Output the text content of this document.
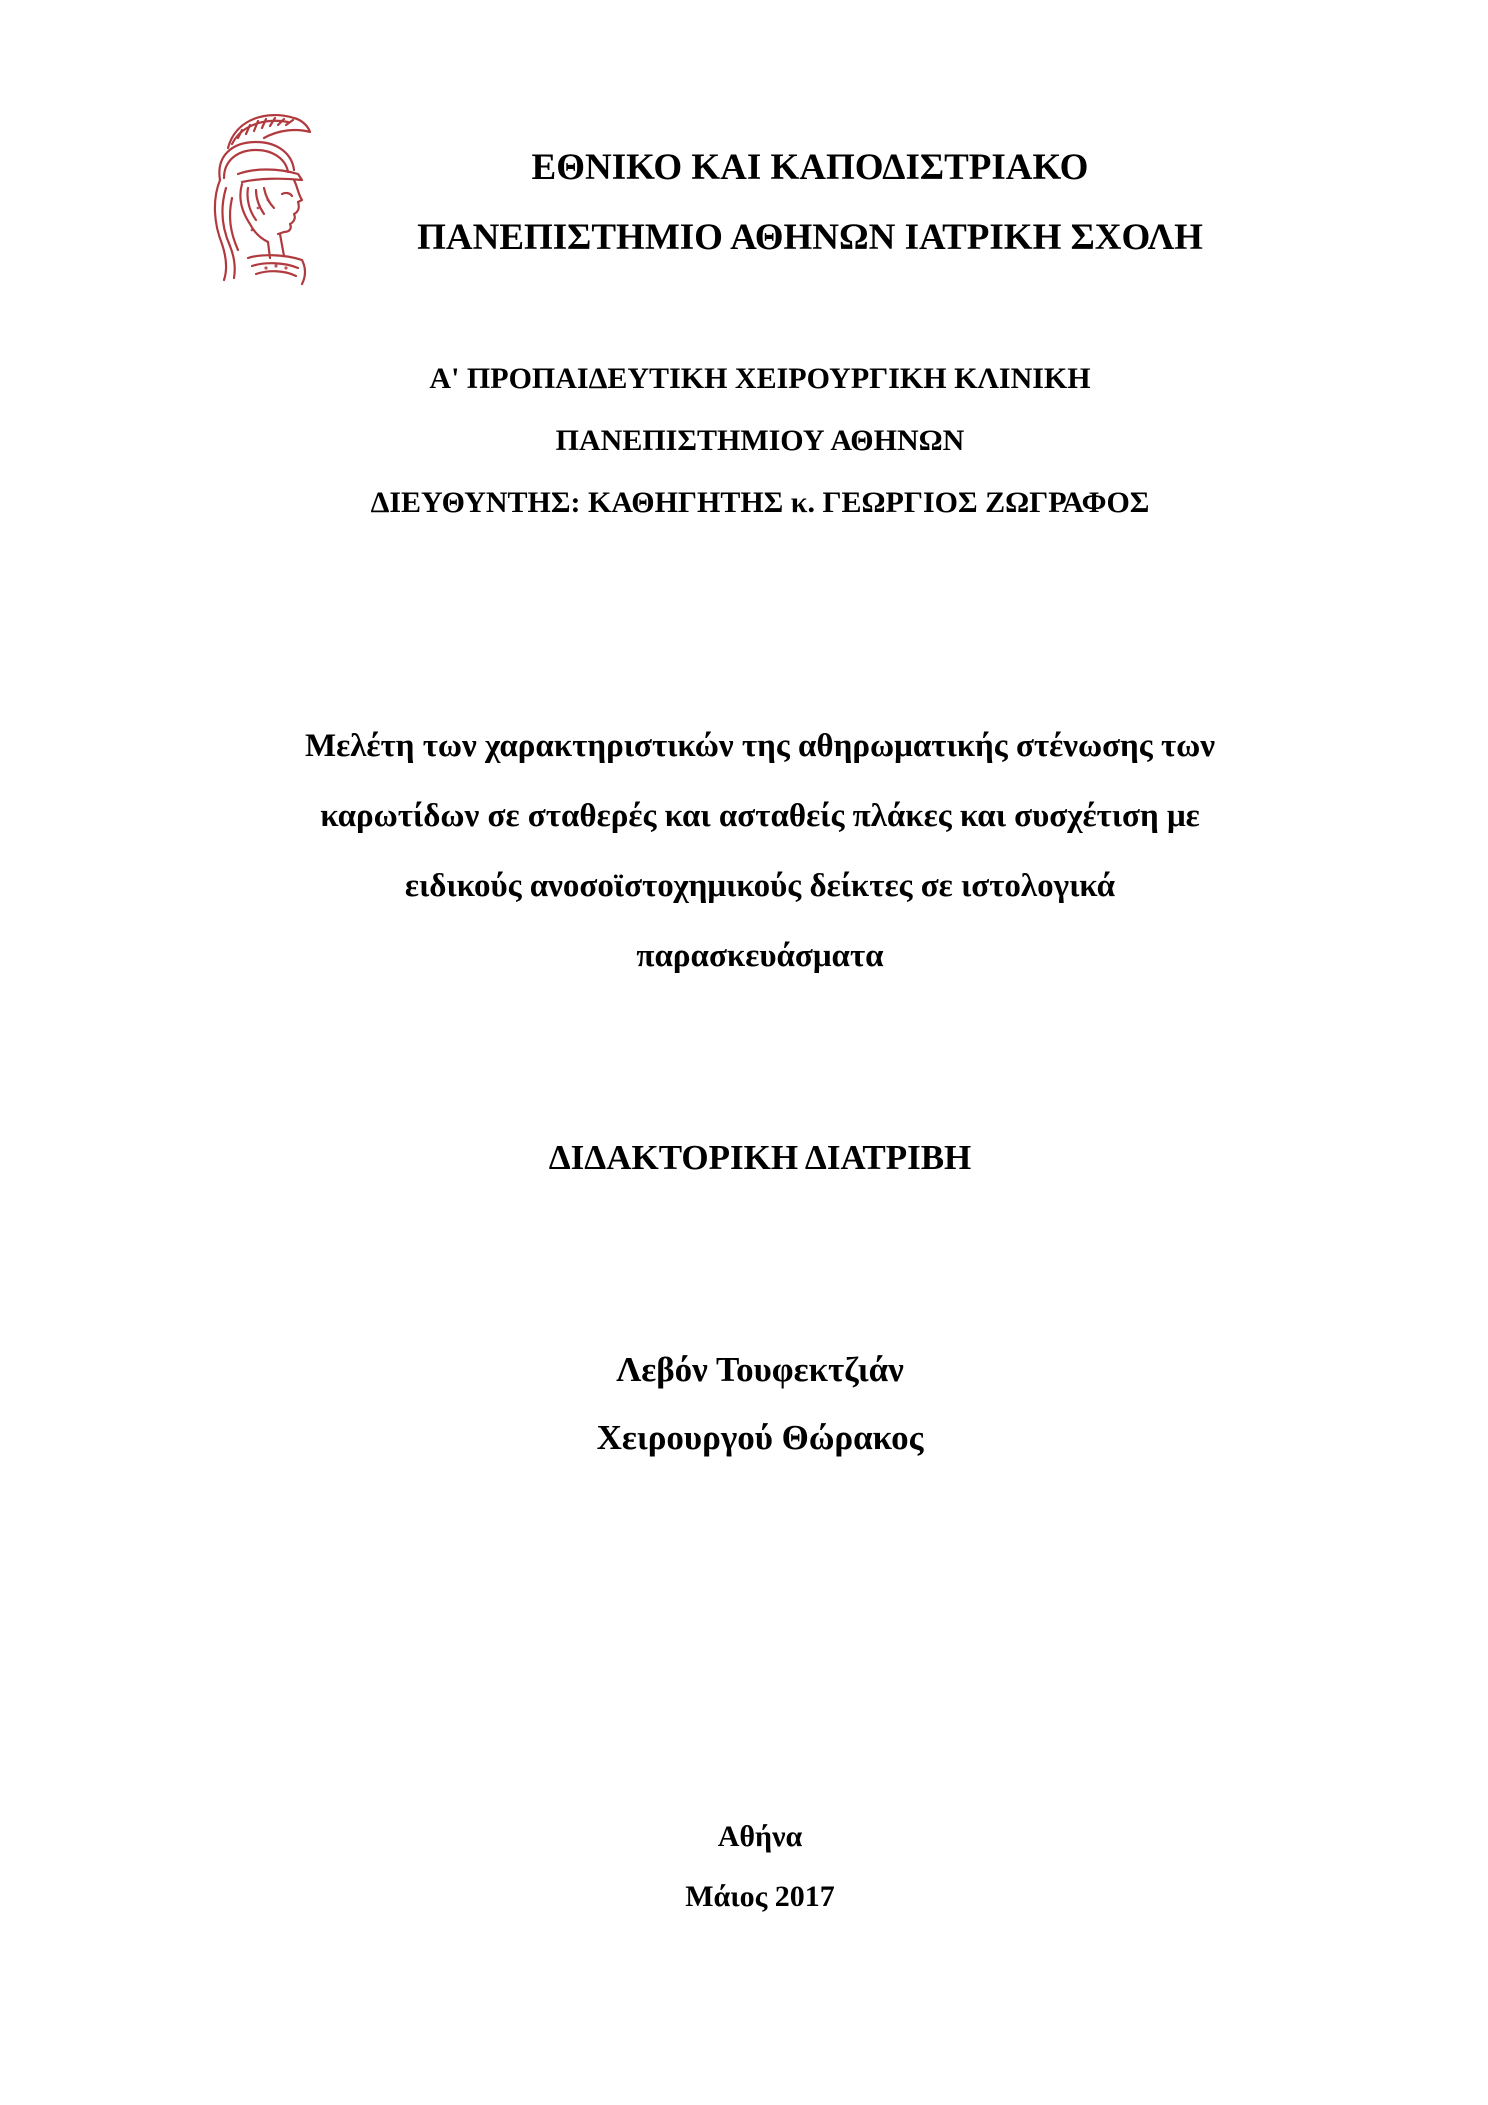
ΕΘΝΙΚΟ ΚΑΙ ΚΑΠΟΔΙΣΤΡΙΑΚΟ
ΠΑΝΕΠΙΣΤΗΜΙΟ ΑΘΗΝΩΝ ΙΑΤΡΙΚΗ ΣΧΟΛΗ
Α' ΠΡΟΠΑΙΔΕΥΤΙΚΗ ΧΕΙΡΟΥΡΓΙΚΗ ΚΛΙΝΙΚΗ
ΠΑΝΕΠΙΣΤΗΜΙΟΥ ΑΘΗΝΩΝ
ΔΙΕΥΘΥΝΤΗΣ: ΚΑΘΗΓΗΤΗΣ κ. ΓΕΩΡΓΙΟΣ ΖΩΓΡΑΦΟΣ
Μελέτη των χαρακτηριστικών της αθηρωματικής στένωσης των
καρωτίδων σε σταθερές και ασταθείς πλάκες και συσχέτιση με
ειδικούς ανοσοϊστοχημικούς δείκτες σε ιστολογικά
παρασκευάσματα
ΔΙΔΑΚΤΟΡΙΚΗ ΔΙΑΤΡΙΒΗ
Λεβόν Τουφεκτζιάν
Χειρουργού Θώρακος
Αθήνα
Μάιος 2017
